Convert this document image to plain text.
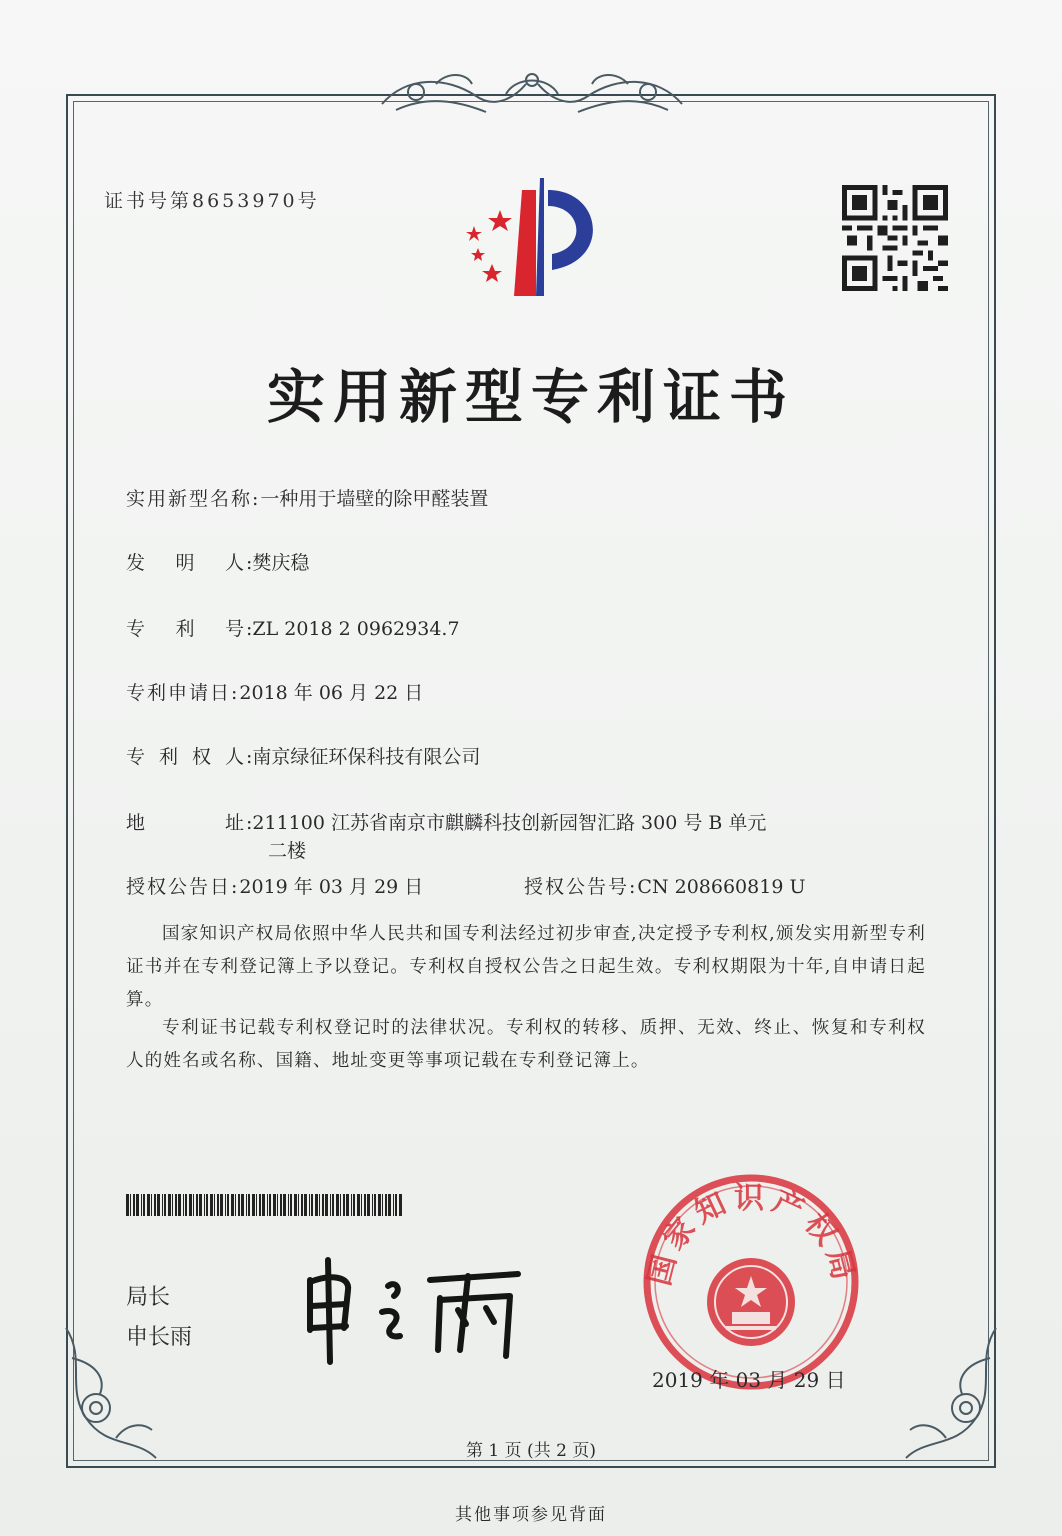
证书号第8653970号
实用新型专利证书
实用新型名称:一种用于墙壁的除甲醛装置
发 明 人 :樊庆稳
专 利 号 :ZL 2018 2 0962934.7
专利申请日:2018 年 06 月 22 日
专 利 权 人 :南京绿征环保科技有限公司
地	址 :211100 江苏省南京市麒麟科技创新园智汇路 300 号 B 单元
二楼
授权公告日:2019 年 03 月 29 日	授权公告号:CN 208660819 U
国家知识产权局依照中华人民共和国专利法经过初步审查,决定授予专利权,颁发实用新型专利证书并在专利登记簿上予以登记。专利权自授权公告之日起生效。专利权期限为十年,自申请日起算。
专利证书记载专利权登记时的法律状况。专利权的转移、质押、无效、终止、恢复和专利权人的姓名或名称、国籍、地址变更等事项记载在专利登记簿上。
局长
申长雨
国家知识产权局
2019 年 03 月 29 日
第 1 页 (共 2 页)
其他事项参见背面
